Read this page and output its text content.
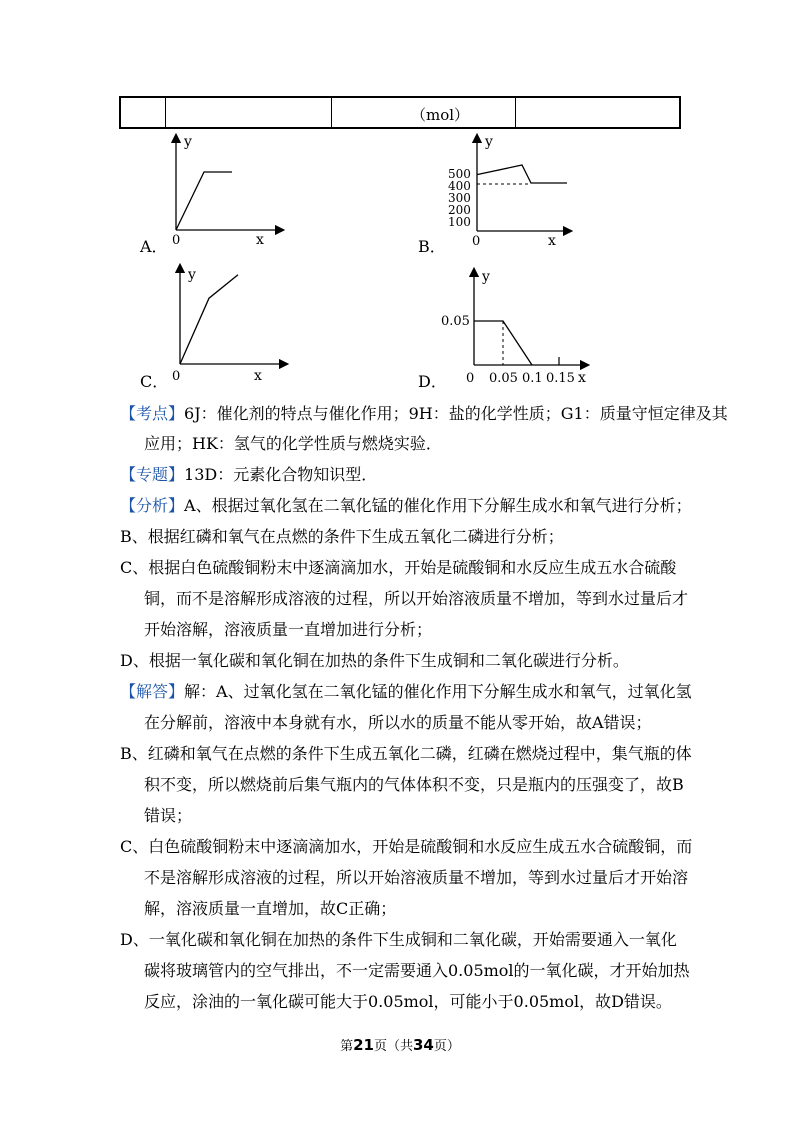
（mol）
y
x
0
A．
y
x
0
500
400
300
200
100
B．
y
x
0
C．
y
x
0
0.05
0.05 0.1 0.15
D．
【考点】6J：催化剂的特点与催化作用；9H：盐的化学性质；G1：质量守恒定律及其
应用；HK：氢气的化学性质与燃烧实验．
【专题】13D：元素化合物知识型．
【分析】A、根据过氧化氢在二氧化锰的催化作用下分解生成水和氧气进行分析；
B、根据红磷和氧气在点燃的条件下生成五氧化二磷进行分析；
C、根据白色硫酸铜粉末中逐滴滴加水，开始是硫酸铜和水反应生成五水合硫酸
铜，而不是溶解形成溶液的过程，所以开始溶液质量不增加，等到水过量后才
开始溶解，溶液质量一直增加进行分析；
D、根据一氧化碳和氧化铜在加热的条件下生成铜和二氧化碳进行分析。
【解答】解：A、过氧化氢在二氧化锰的催化作用下分解生成水和氧气，过氧化氢
在分解前，溶液中本身就有水，所以水的质量不能从零开始，故A错误；
B、红磷和氧气在点燃的条件下生成五氧化二磷，红磷在燃烧过程中，集气瓶的体
积不变，所以燃烧前后集气瓶内的气体体积不变，只是瓶内的压强变了，故B
错误；
C、白色硫酸铜粉末中逐滴滴加水，开始是硫酸铜和水反应生成五水合硫酸铜，而
不是溶解形成溶液的过程，所以开始溶液质量不增加，等到水过量后才开始溶
解，溶液质量一直增加，故C正确；
D、一氧化碳和氧化铜在加热的条件下生成铜和二氧化碳，开始需要通入一氧化
碳将玻璃管内的空气排出，不一定需要通入0.05mol的一氧化碳，才开始加热
反应，涂油的一氧化碳可能大于0.05mol，可能小于0.05mol，故D错误。
第21页（共34页）
